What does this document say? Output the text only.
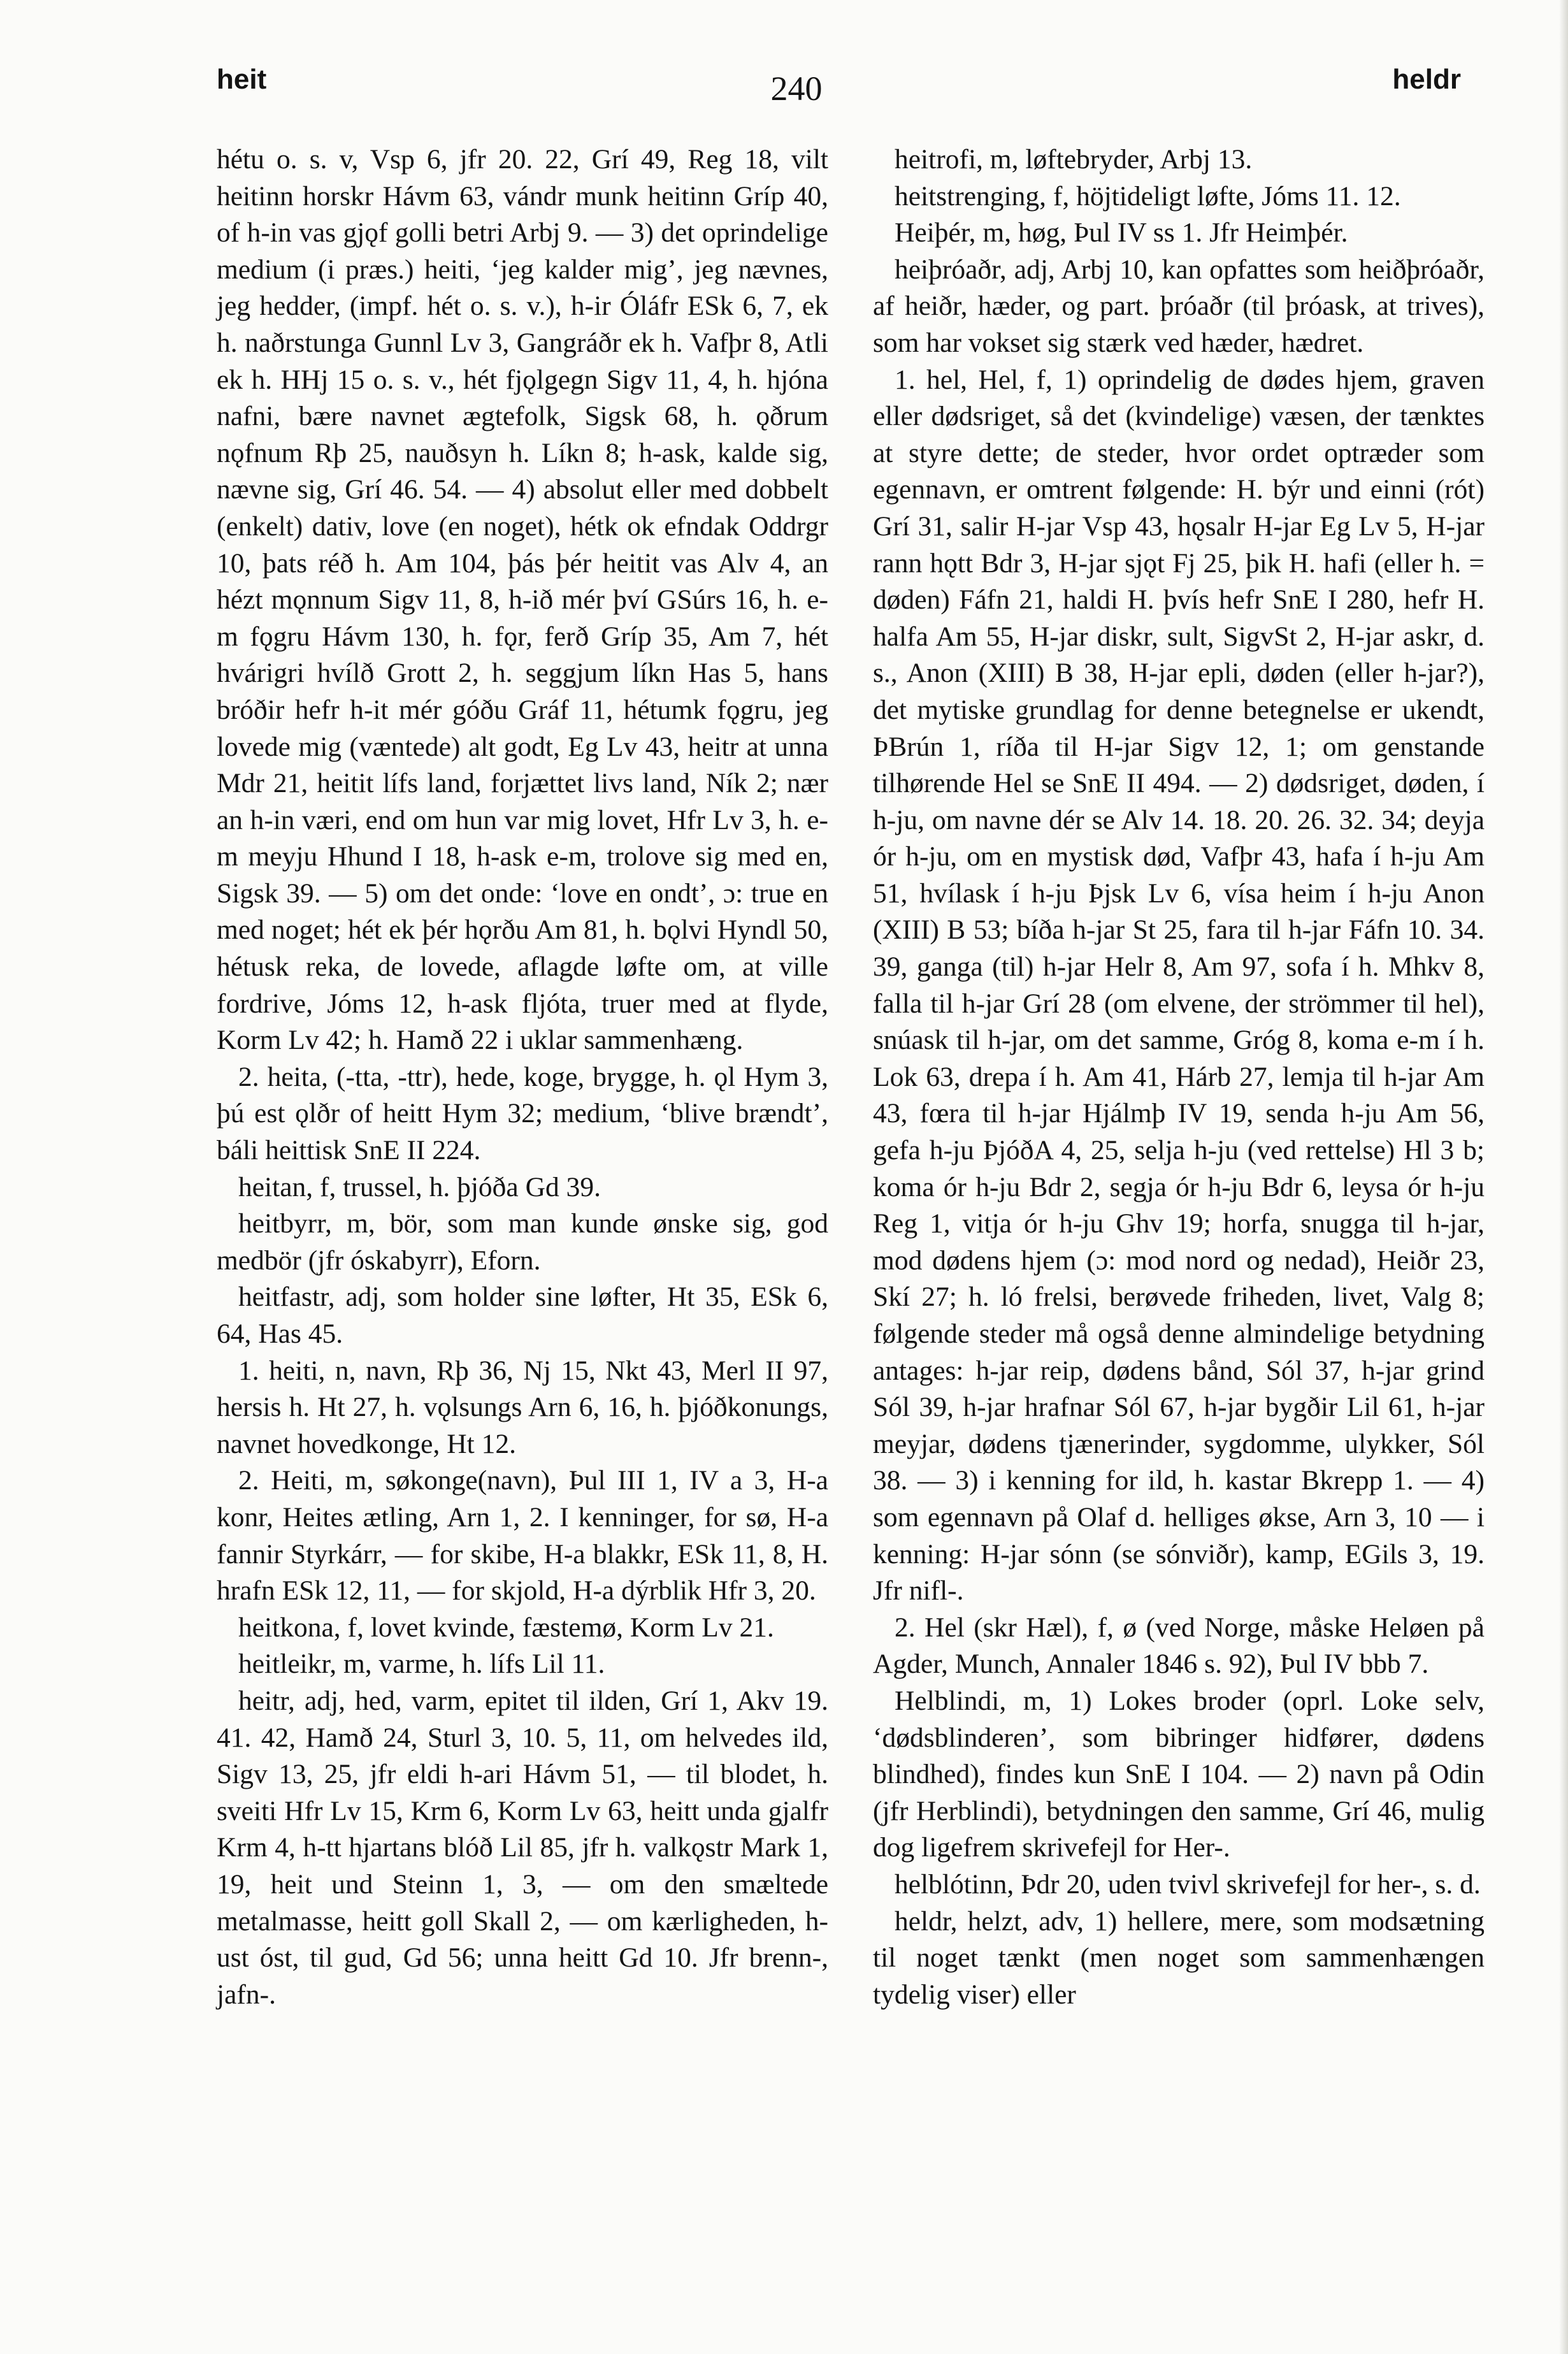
heit	240	heldr

hétu o. s. v, Vsp 6, jfr 20. 22, Grí 49, Reg 18, vilt heitinn horskr Hávm 63, vándr munk heitinn Gríp 40, of h-in vas gjǫf golli betri Arbj 9. — 3) det oprindelige medium (i præs.) heiti, ‘jeg kalder mig’, jeg nævnes, jeg hedder, (impf. hét o. s. v.), h-ir Óláfr ESk 6, 7, ek h. naðrstunga Gunnl Lv 3, Gangráðr ek h. Vafþr 8, Atli ek h. HHj 15 o. s. v., hét fjǫlgegn Sigv 11, 4, h. hjóna nafni, bære navnet ægtefolk, Sigsk 68, h. ǫðrum nǫfnum Rþ 25, nauðsyn h. Líkn 8; h-ask, kalde sig, nævne sig, Grí 46. 54. — 4) absolut eller med dobbelt (enkelt) dativ, love (en noget), hétk ok efndak Oddrgr 10, þats réð h. Am 104, þás þér heitit vas Alv 4, an hézt mǫnnum Sigv 11, 8, h-ið mér því GSúrs 16, h. e-m fǫgru Hávm 130, h. fǫr, ferð Gríp 35, Am 7, hét hvárigri hvílð Grott 2, h. seggjum líkn Has 5, hans bróðir hefr h-it mér góðu Gráf 11, hétumk fǫgru, jeg lovede mig (væntede) alt godt, Eg Lv 43, heitr at unna Mdr 21, heitit lífs land, forjættet livs land, Ník 2; nær an h-in væri, end om hun var mig lovet, Hfr Lv 3, h. e-m meyju Hhund I 18, h-ask e-m, trolove sig med en, Sigsk 39. — 5) om det onde: ‘love en ondt’, ɔ: true en med noget; hét ek þér hǫrðu Am 81, h. bǫlvi Hyndl 50, hétusk reka, de lovede, aflagde løfte om, at ville fordrive, Jóms 12, h-ask fljóta, truer med at flyde, Korm Lv 42; h. Hamð 22 i uklar sammenhæng.

2. heita, (-tta, -ttr), hede, koge, brygge, h. ǫl Hym 3, þú est ǫlðr of heitt Hym 32; medium, ‘blive brændt’, báli heittisk SnE II 224.

heitan, f, trussel, h. þjóða Gd 39.

heitbyrr, m, bör, som man kunde ønske sig, god medbör (jfr óskabyrr), Eforn.

heitfastr, adj, som holder sine løfter, Ht 35, ESk 6, 64, Has 45.

1. heiti, n, navn, Rþ 36, Nj 15, Nkt 43, Merl II 97, hersis h. Ht 27, h. vǫlsungs Arn 6, 16, h. þjóðkonungs, navnet hovedkonge, Ht 12.

2. Heiti, m, søkonge(navn), Þul III 1, IV a 3, H-a konr, Heites ætling, Arn 1, 2. I kenninger, for sø, H-a fannir Styrkárr, — for skibe, H-a blakkr, ESk 11, 8, H. hrafn ESk 12, 11, — for skjold, H-a dýrblik Hfr 3, 20.

heitkona, f, lovet kvinde, fæstemø, Korm Lv 21.

heitleikr, m, varme, h. lífs Lil 11.

heitr, adj, hed, varm, epitet til ilden, Grí 1, Akv 19. 41. 42, Hamð 24, Sturl 3, 10. 5, 11, om helvedes ild, Sigv 13, 25, jfr eldi h-ari Hávm 51, — til blodet, h. sveiti Hfr Lv 15, Krm 6, Korm Lv 63, heitt unda gjalfr Krm 4, h-tt hjartans blóð Lil 85, jfr h. valkǫstr Mark 1, 19, heit und Steinn 1, 3, — om den smæltede metalmasse, heitt goll Skall 2, — om kærligheden, h-ust óst, til gud, Gd 56; unna heitt Gd 10. Jfr brenn-, jafn-.

heitrofi, m, løftebryder, Arbj 13.

heitstrenging, f, höjtideligt løfte, Jóms 11. 12.

Heiþér, m, høg, Þul IV ss 1. Jfr Heimþér.

heiþróaðr, adj, Arbj 10, kan opfattes som heiðþróaðr, af heiðr, hæder, og part. þróaðr (til þróask, at trives), som har vokset sig stærk ved hæder, hædret.

1. hel, Hel, f, 1) oprindelig de dødes hjem, graven eller dødsriget, så det (kvindelige) væsen, der tænktes at styre dette; de steder, hvor ordet optræder som egennavn, er omtrent følgende: H. býr und einni (rót) Grí 31, salir H-jar Vsp 43, hǫsalr H-jar Eg Lv 5, H-jar rann hǫtt Bdr 3, H-jar sjǫt Fj 25, þik H. hafi (eller h. = døden) Fáfn 21, haldi H. þvís hefr SnE I 280, hefr H. halfa Am 55, H-jar diskr, sult, SigvSt 2, H-jar askr, d. s., Anon (XIII) B 38, H-jar epli, døden (eller h-jar?), det mytiske grundlag for denne betegnelse er ukendt, ÞBrún 1, ríða til H-jar Sigv 12, 1; om genstande tilhørende Hel se SnE II 494. — 2) dødsriget, døden, í h-ju, om navne dér se Alv 14. 18. 20. 26. 32. 34; deyja ór h-ju, om en mystisk død, Vafþr 43, hafa í h-ju Am 51, hvílask í h-ju Þjsk Lv 6, vísa heim í h-ju Anon (XIII) B 53; bíða h-jar St 25, fara til h-jar Fáfn 10. 34. 39, ganga (til) h-jar Helr 8, Am 97, sofa í h. Mhkv 8, falla til h-jar Grí 28 (om elvene, der strömmer til hel), snúask til h-jar, om det samme, Gróg 8, koma e-m í h. Lok 63, drepa í h. Am 41, Hárb 27, lemja til h-jar Am 43, fœra til h-jar Hjálmþ IV 19, senda h-ju Am 56, gefa h-ju ÞjóðA 4, 25, selja h-ju (ved rettelse) Hl 3 b; koma ór h-ju Bdr 2, segja ór h-ju Bdr 6, leysa ór h-ju Reg 1, vitja ór h-ju Ghv 19; horfa, snugga til h-jar, mod dødens hjem (ɔ: mod nord og nedad), Heiðr 23, Skí 27; h. ló frelsi, berøvede friheden, livet, Valg 8; følgende steder må også denne almindelige betydning antages: h-jar reip, dødens bånd, Sól 37, h-jar grind Sól 39, h-jar hrafnar Sól 67, h-jar bygðir Lil 61, h-jar meyjar, dødens tjænerinder, sygdomme, ulykker, Sól 38. — 3) i kenning for ild, h. kastar Bkrepp 1. — 4) som egennavn på Olaf d. helliges økse, Arn 3, 10 — i kenning: H-jar sónn (se sónviðr), kamp, EGils 3, 19. Jfr nifl-.

2. Hel (skr Hæl), f, ø (ved Norge, måske Heløen på Agder, Munch, Annaler 1846 s. 92), Þul IV bbb 7.

Helblindi, m, 1) Lokes broder (oprl. Loke selv, ‘dødsblinderen’, som bibringer hidfører, dødens blindhed), findes kun SnE I 104. — 2) navn på Odin (jfr Herblindi), betydningen den samme, Grí 46, mulig dog ligefrem skrivefejl for Her-.

helblótinn, Þdr 20, uden tvivl skrivefejl for her-, s. d.

heldr, helzt, adv, 1) hellere, mere, som modsætning til noget tænkt (men noget som sammenhængen tydelig viser) eller
